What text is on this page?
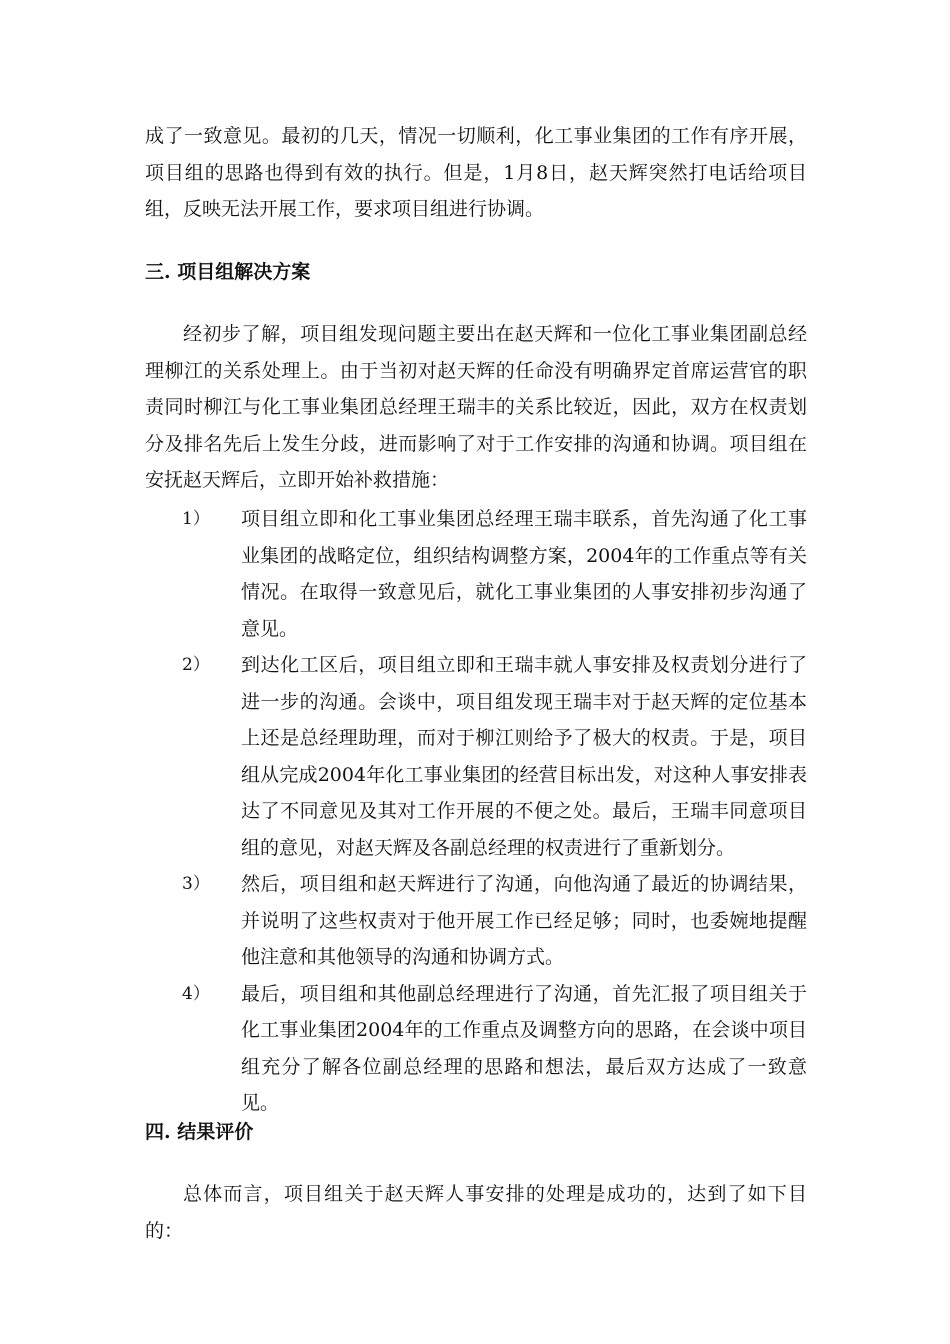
成了一致意见。最初的几天，情况一切顺利，化工事业集团的工作有序开展，项目组的思路也得到有效的执行。但是，1月8日，赵天辉突然打电话给项目组，反映无法开展工作，要求项目组进行协调。
三. 项目组解决方案
经初步了解，项目组发现问题主要出在赵天辉和一位化工事业集团副总经理柳江的关系处理上。由于当初对赵天辉的任命没有明确界定首席运营官的职责同时柳江与化工事业集团总经理王瑞丰的关系比较近，因此，双方在权责划分及排名先后上发生分歧，进而影响了对于工作安排的沟通和协调。项目组在安抚赵天辉后，立即开始补救措施：
1） 项目组立即和化工事业集团总经理王瑞丰联系，首先沟通了化工事业集团的战略定位，组织结构调整方案，2004年的工作重点等有关情况。在取得一致意见后，就化工事业集团的人事安排初步沟通了意见。
2） 到达化工区后，项目组立即和王瑞丰就人事安排及权责划分进行了进一步的沟通。会谈中，项目组发现王瑞丰对于赵天辉的定位基本上还是总经理助理，而对于柳江则给予了极大的权责。于是，项目组从完成2004年化工事业集团的经营目标出发，对这种人事安排表达了不同意见及其对工作开展的不便之处。最后，王瑞丰同意项目组的意见，对赵天辉及各副总经理的权责进行了重新划分。
3） 然后，项目组和赵天辉进行了沟通，向他沟通了最近的协调结果，并说明了这些权责对于他开展工作已经足够；同时，也委婉地提醒他注意和其他领导的沟通和协调方式。
4） 最后，项目组和其他副总经理进行了沟通，首先汇报了项目组关于化工事业集团2004年的工作重点及调整方向的思路，在会谈中项目组充分了解各位副总经理的思路和想法，最后双方达成了一致意见。
四. 结果评价
总体而言，项目组关于赵天辉人事安排的处理是成功的，达到了如下目的：
